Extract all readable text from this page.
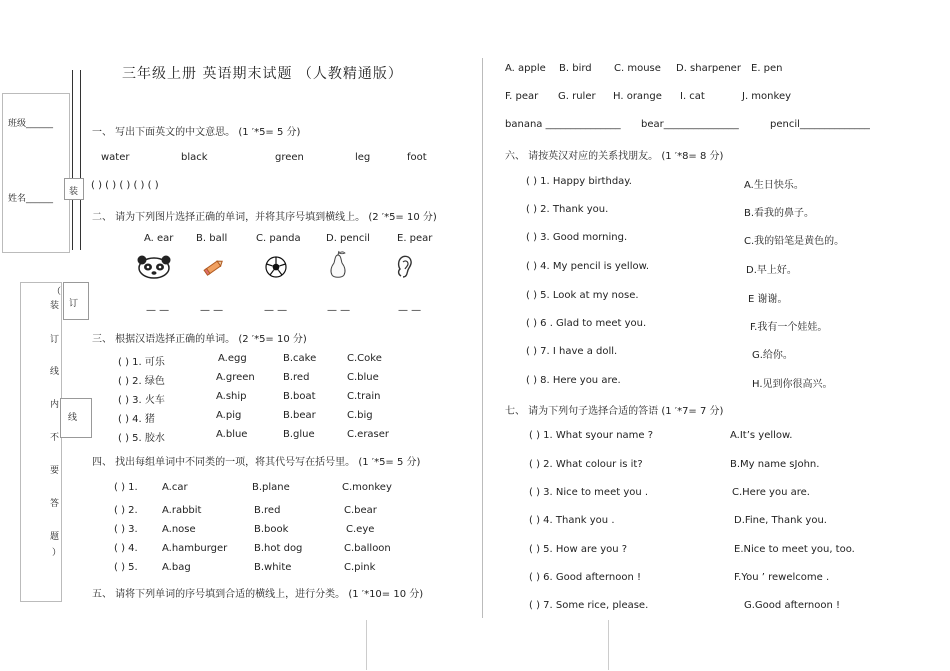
班级______
姓名______
装
订
线
（
装
订
线
内
不
要
答
题
）
三年级上册 英语期末试题 （人教精通版）
一、 写出下面英文的中文意思。 (1 ′*5= 5 分)
water	black	green	leg	foot
( ) ( ) ( ) ( ) ( )
二、 请为下列图片选择正确的单词，并将其序号填到横线上。 (2 ′*5= 10 分)
A. ear B. ball	C. panda	D. pencil	E. pear
— —	— —	— —	— —	— —
三、 根据汉语选择正确的单词。 (2 ′*5= 10 分)
( ) 1. 可乐	A.egg	B.cake	C.Coke
( ) 2. 绿色	A.green	B.red	C.blue
( ) 3. 火车	A.ship	B.boat	C.train
( ) 4. 猪	A.pig	B.bear	C.big
( ) 5. 胶水	A.blue	B.glue	C.eraser
四、 找出每组单词中不同类的一项，将其代号写在括号里。 (1 ′*5= 5 分)
( ) 1. A.car	B.plane	C.monkey
( ) 2. A.rabbit	B.red	C.bear
( ) 3. A.nose	B.book	C.eye
( ) 4. A.hamburger	B.hot dog	C.balloon
( ) 5. A.bag	B.white	C.pink
五、 请将下列单词的序号填到合适的横线上，进行分类。 (1 ′*10= 10 分)
A. apple B. bird C. mouse D. sharpener E. pen
F. pear G. ruler H. orange I. cat	J. monkey
banana _______________ bear_______________	pencil______________
六、 请按英汉对应的关系找朋友。 (1 ′*8= 8 分)
( ) 1. Happy birthday.	A.生日快乐。
( ) 2. Thank you.	B.看我的鼻子。
( ) 3. Good morning.	C.我的铅笔是黄色的。
( ) 4. My pencil is yellow.	D.早上好。
( ) 5. Look at my nose.	E 谢谢。
( ) 6 . Glad to meet you.	F.我有一个娃娃。
( ) 7. I have a doll.	G.给你。
( ) 8. Here you are.	H.见到你很高兴。
七、 请为下列句子选择合适的答语 (1 ′*7= 7 分)
( ) 1. What syour name ?	A.It’s yellow.
( ) 2. What colour is it?	B.My name sJohn.
( ) 3. Nice to meet you .	C.Here you are.
( ) 4. Thank you .	D.Fine, Thank you.
( ) 5. How are you ?	E.Nice to meet you, too.
( ) 6. Good afternoon !	F.You ’ rewelcome .
( ) 7. Some rice, please.	G.Good afternoon !
